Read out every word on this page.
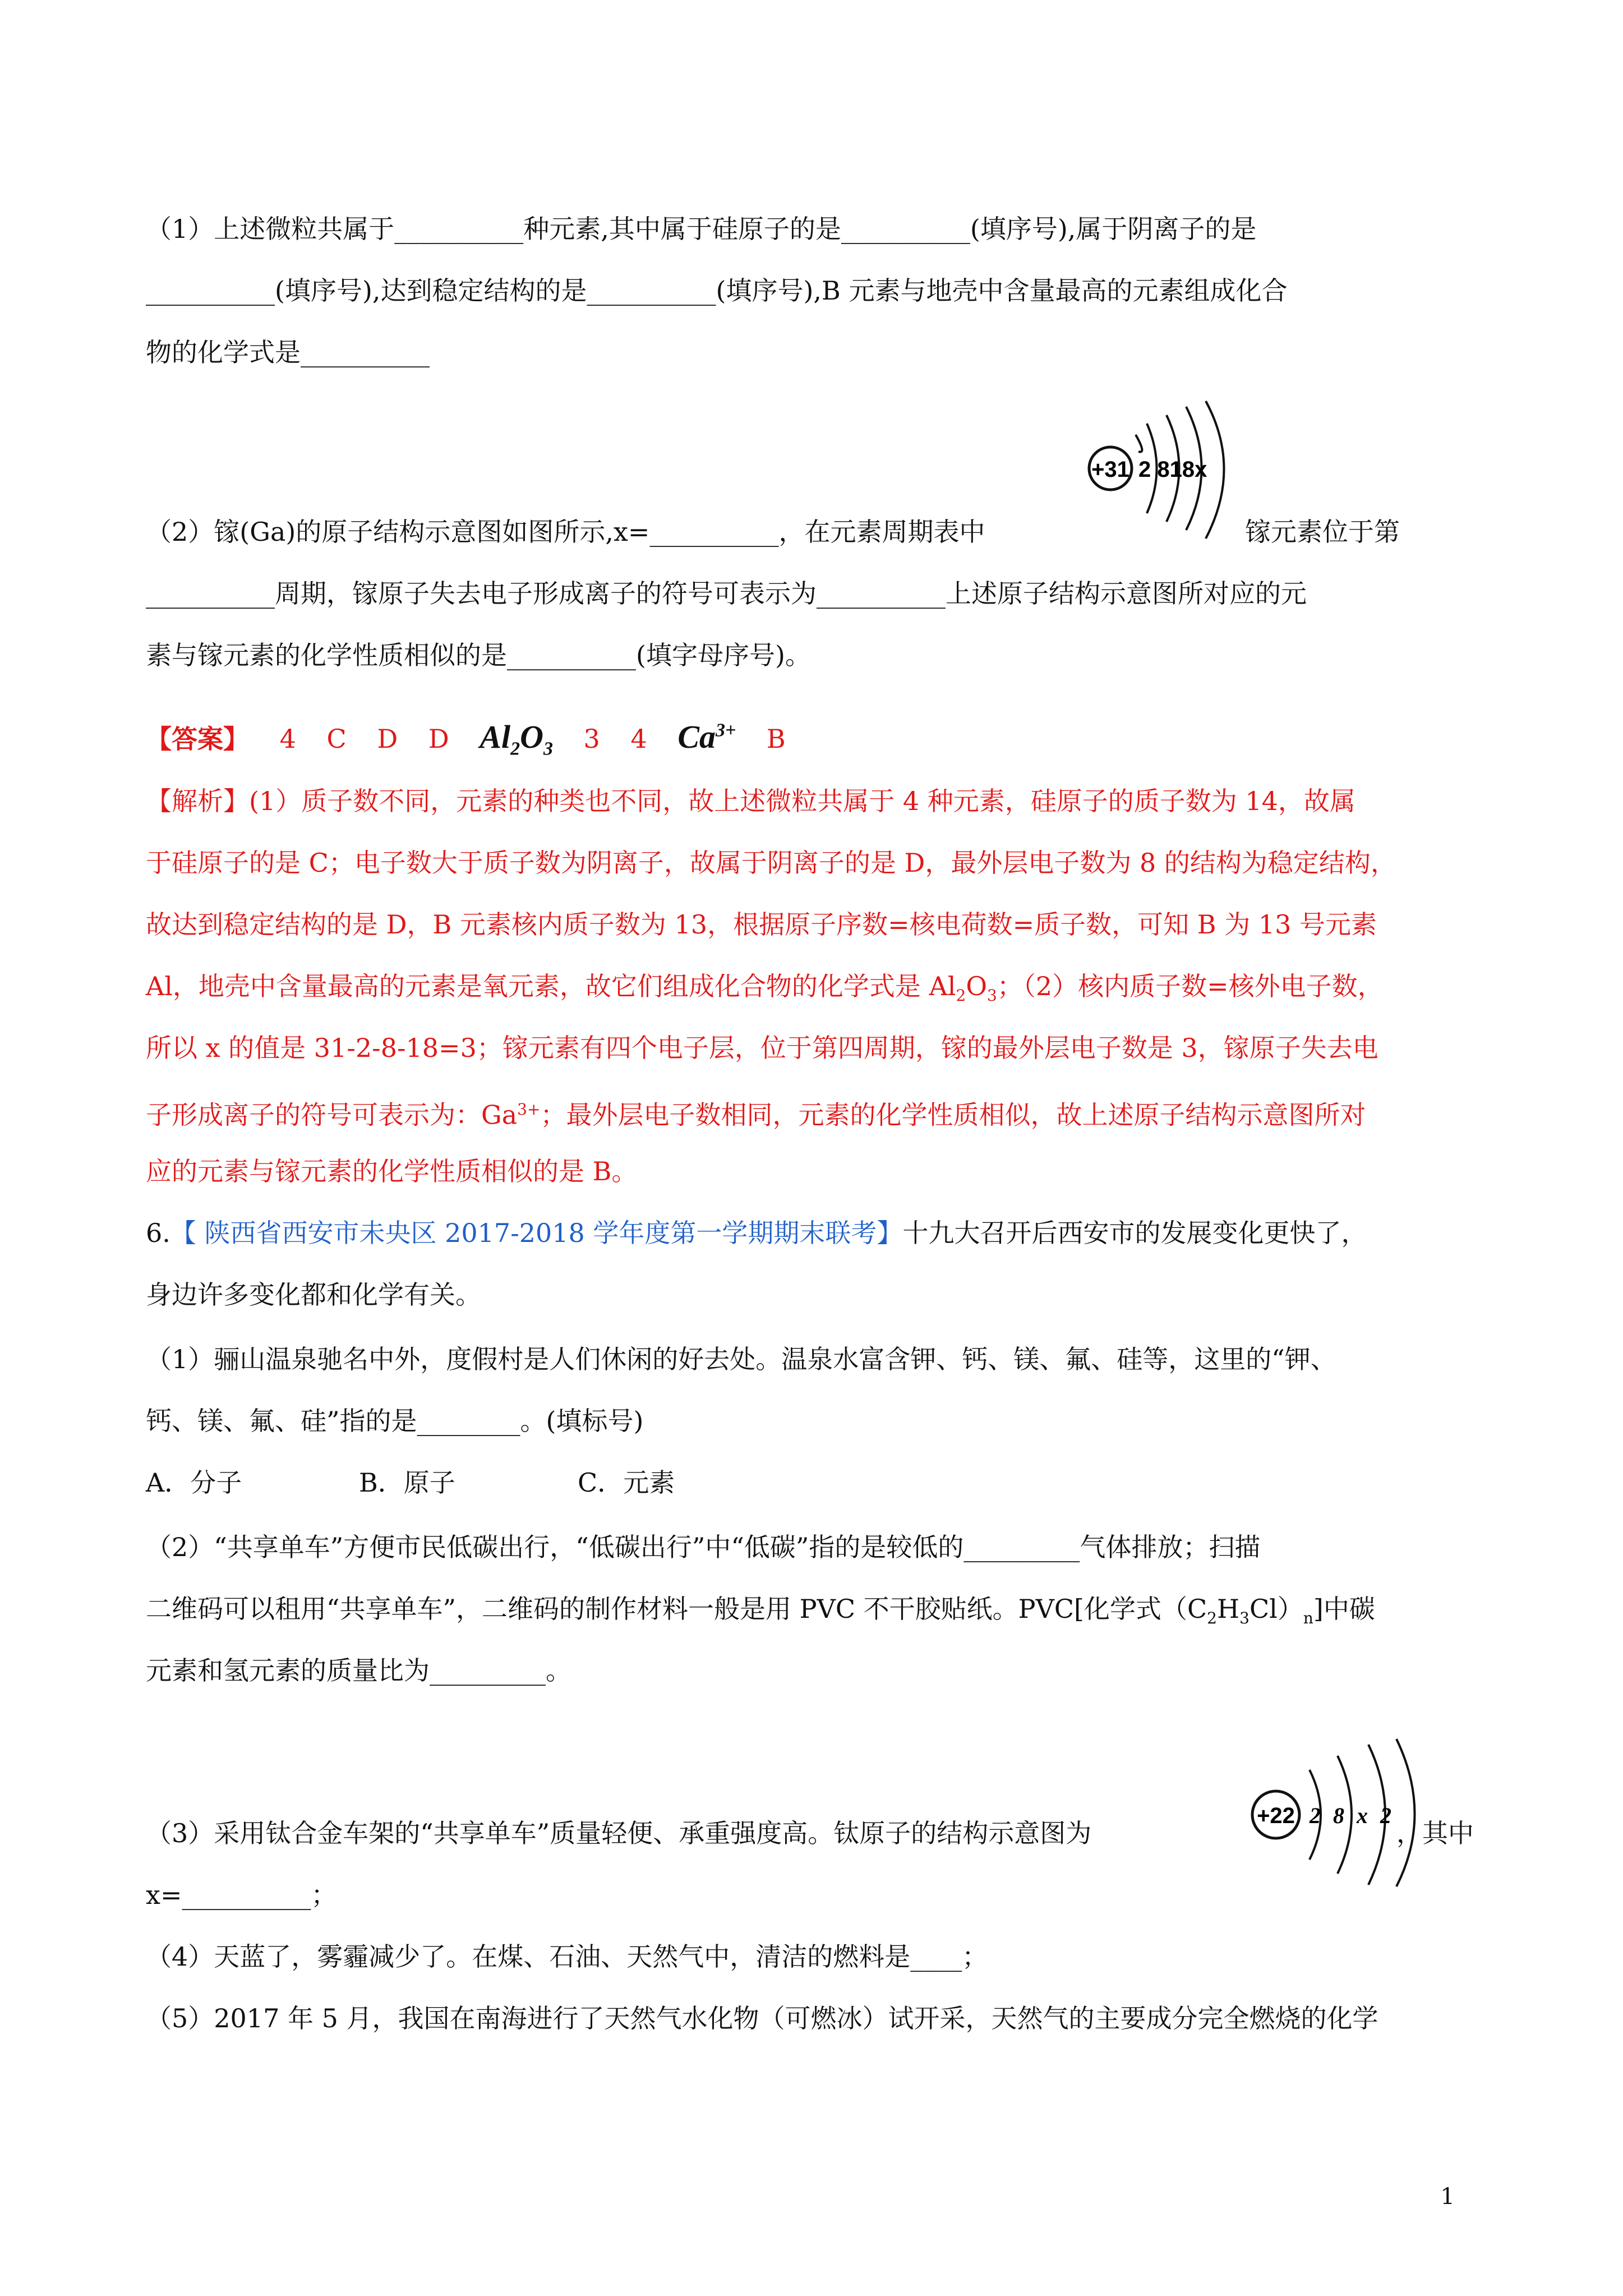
（1）上述微粒共属于__________种元素,其中属于硅原子的是__________(填序号),属于阴离子的是
__________(填序号),达到稳定结构的是__________(填序号),B 元素与地壳中含量最高的元素组成化合
物的化学式是__________
+31 2 818x
（2）镓(Ga)的原子结构示意图如图所示,x=__________，在元素周期表中	镓元素位于第
__________周期，镓原子失去电子形成离子的符号可表示为__________上述原子结构示意图所对应的元
素与镓元素的化学性质相似的是__________(填字母序号)。
【答案】 4 C D D $Al_2O_3$ 3 4 $Ca^{3+}$ B
【解析】(1）质子数不同，元素的种类也不同，故上述微粒共属于 4 种元素，硅原子的质子数为 14，故属
于硅原子的是 C；电子数大于质子数为阴离子，故属于阴离子的是 D，最外层电子数为 8 的结构为稳定结构，
故达到稳定结构的是 D，B 元素核内质子数为 13，根据原子序数=核电荷数=质子数，可知 B 为 13 号元素
Al，地壳中含量最高的元素是氧元素，故它们组成化合物的化学式是 $Al_2O_3$；（2）核内质子数=核外电子数，
所以 x 的值是 31-2-8-18=3；镓元素有四个电子层，位于第四周期，镓的最外层电子数是 3，镓原子失去电
子形成离子的符号可表示为：$Ga^{3+}$；最外层电子数相同，元素的化学性质相似，故上述原子结构示意图所对
应的元素与镓元素的化学性质相似的是 B。
6.【 陕西省西安市未央区 2017-2018 学年度第一学期期末联考】十九大召开后西安市的发展变化更快了，
身边许多变化都和化学有关。
（1）骊山温泉驰名中外，度假村是人们休闲的好去处。温泉水富含钾、钙、镁、氟、硅等，这里的“钾、
钙、镁、氟、硅”指的是________。(填标号)
A．分子	B．原子	C．元素
（2）“共享单车”方便市民低碳出行，“低碳出行”中“低碳”指的是较低的_________气体排放；扫描
二维码可以租用“共享单车”，二维码的制作材料一般是用 PVC 不干胶贴纸。PVC[化学式$(C_2H_3Cl)_n$]中碳
元素和氢元素的质量比为_________。
+22 2 8 x 2
（3）采用钛合金车架的“共享单车”质量轻便、承重强度高。钛原子的结构示意图为	，其中
x=__________；
（4）天蓝了，雾霾减少了。在煤、石油、天然气中，清洁的燃料是____；
（5）2017 年 5 月，我国在南海进行了天然气水化物（可燃冰）试开采，天然气的主要成分完全燃烧的化学
1
